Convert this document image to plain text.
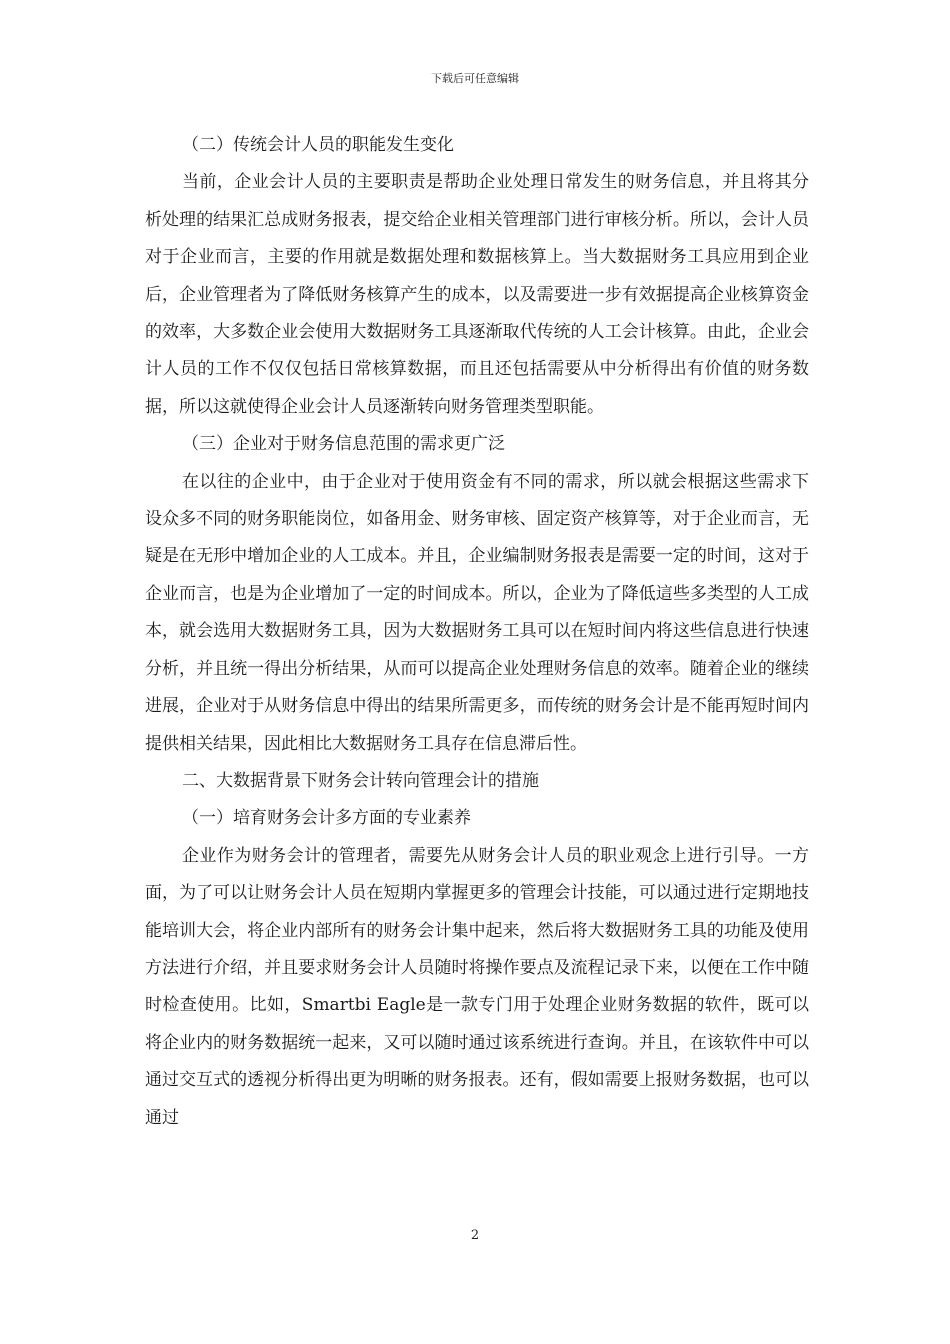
下载后可任意编辑

（二）传统会计人员的职能发生变化

当前，企业会计人员的主要职责是帮助企业处理日常发生的财务信息，并且将其分析处理的结果汇总成财务报表，提交给企业相关管理部门进行审核分析。所以，会计人员对于企业而言，主要的作用就是数据处理和数据核算上。当大数据财务工具应用到企业后，企业管理者为了降低财务核算产生的成本，以及需要进一步有效据提高企业核算资金的效率，大多数企业会使用大数据财务工具逐渐取代传统的人工会计核算。由此，企业会计人员的工作不仅仅包括日常核算数据，而且还包括需要从中分析得出有价值的财务数据，所以这就使得企业会计人员逐渐转向财务管理类型职能。

（三）企业对于财务信息范围的需求更广泛

在以往的企业中，由于企业对于使用资金有不同的需求，所以就会根据这些需求下设众多不同的财务职能岗位，如备用金、财务审核、固定资产核算等，对于企业而言，无疑是在无形中增加企业的人工成本。并且，企业编制财务报表是需要一定的时间，这对于企业而言，也是为企业增加了一定的时间成本。所以，企业为了降低這些多类型的人工成本，就会选用大数据财务工具，因为大数据财务工具可以在短时间内将这些信息进行快速分析，并且统一得出分析结果，从而可以提高企业处理财务信息的效率。随着企业的继续进展，企业对于从财务信息中得出的结果所需更多，而传统的财务会计是不能再短时间内提供相关结果，因此相比大数据财务工具存在信息滞后性。

二、大数据背景下财务会计转向管理会计的措施

（一）培育财务会计多方面的专业素养

企业作为财务会计的管理者，需要先从财务会计人员的职业观念上进行引导。一方面，为了可以让财务会计人员在短期内掌握更多的管理会计技能，可以通过进行定期地技能培训大会，将企业内部所有的财务会计集中起来，然后将大数据财务工具的功能及使用方法进行介绍，并且要求财务会计人员随时将操作要点及流程记录下来，以便在工作中随时检查使用。比如，Smartbi Eagle是一款专门用于处理企业财务数据的软件，既可以将企业内的财务数据统一起来，又可以随时通过该系统进行查询。并且，在该软件中可以通过交互式的透视分析得出更为明晰的财务报表。还有，假如需要上报财务数据，也可以通过

2
